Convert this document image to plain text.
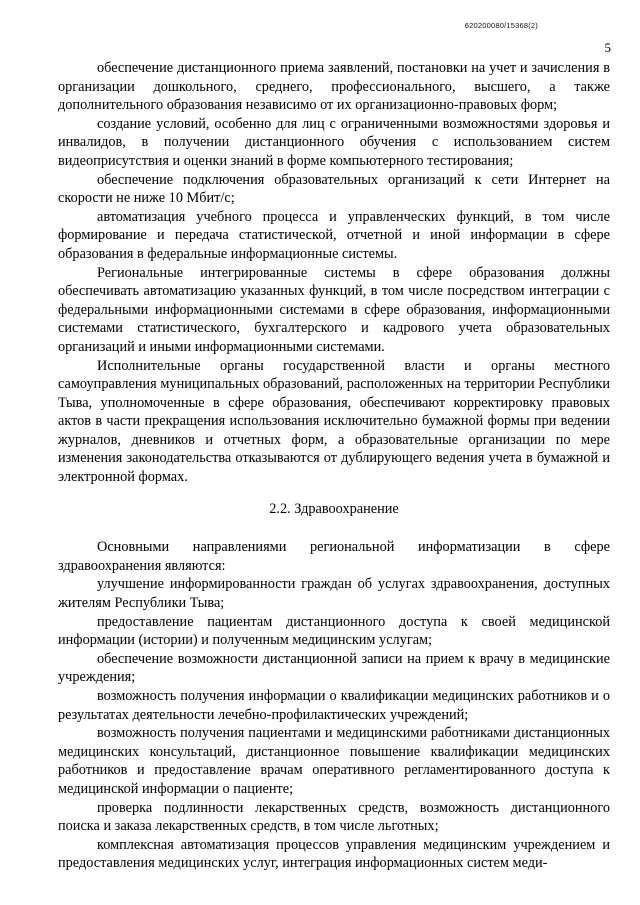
620200080/15368(2)
5

обеспечение дистанционного приема заявлений, постановки на учет и зачисления в организации дошкольного, среднего, профессионального, высшего, а также дополнительного образования независимо от их организационно-правовых форм;

создание условий, особенно для лиц с ограниченными возможностями здоровья и инвалидов, в получении дистанционного обучения с использованием систем видеоприсутствия и оценки знаний в форме компьютерного тестирования;

обеспечение подключения образовательных организаций к сети Интернет на скорости не ниже 10 Мбит/с;

автоматизация учебного процесса и управленческих функций, в том числе формирование и передача статистической, отчетной и иной информации в сфере образования в федеральные информационные системы.

Региональные интегрированные системы в сфере образования должны обеспечивать автоматизацию указанных функций, в том числе посредством интеграции с федеральными информационными системами в сфере образования, информационными системами статистического, бухгалтерского и кадрового учета образовательных организаций и иными информационными системами.

Исполнительные органы государственной власти и органы местного самоуправления муниципальных образований, расположенных на территории Республики Тыва, уполномоченные в сфере образования, обеспечивают корректировку правовых актов в части прекращения использования исключительно бумажной формы при ведении журналов, дневников и отчетных форм, а образовательные организации по мере изменения законодательства отказываются от дублирующего ведения учета в бумажной и электронной формах.

2.2. Здравоохранение

Основными направлениями региональной информатизации в сфере здравоохранения являются:

улучшение информированности граждан об услугах здравоохранения, доступных жителям Республики Тыва;

предоставление пациентам дистанционного доступа к своей медицинской информации (истории) и полученным медицинским услугам;

обеспечение возможности дистанционной записи на прием к врачу в медицинские учреждения;

возможность получения информации о квалификации медицинских работников и о результатах деятельности лечебно-профилактических учреждений;

возможность получения пациентами и медицинскими работниками дистанционных медицинских консультаций, дистанционное повышение квалификации медицинских работников и предоставление врачам оперативного регламентированного доступа к медицинской информации о пациенте;

проверка подлинности лекарственных средств, возможность дистанционного поиска и заказа лекарственных средств, в том числе льготных;

комплексная автоматизация процессов управления медицинским учреждением и предоставления медицинских услуг, интеграция информационных систем меди-
